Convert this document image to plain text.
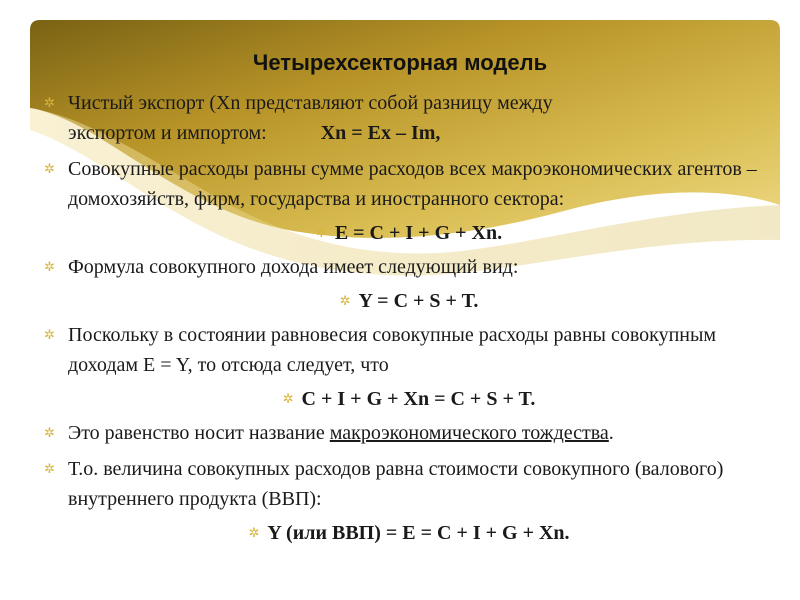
Четырехсекторная модель
✲ Чистый экспорт (Xn представляют собой разницу между
экспортом и импортом:	Xn = Ex – Im,
✲ Совокупные расходы равны сумме расходов всех макроэкономических агентов – домохозяйств, фирм, государства и иностранного сектора:
✲ E = C + I + G + Xn.
✲ Формула совокупного дохода имеет следующий вид:
✲ Y = C + S + T.
✲ Поскольку в состоянии равновесия совокупные расходы равны совокупным доходам E = Y, то отсюда следует, что
✲ C + I + G + Xn = C + S + T.
✲ Это равенство носит название макроэкономического тождества.
✲ Т.о. величина совокупных расходов равна стоимости совокупного (валового) внутреннего продукта (ВВП):
✲ Y (или ВВП) = E = C + I + G + Xn.
